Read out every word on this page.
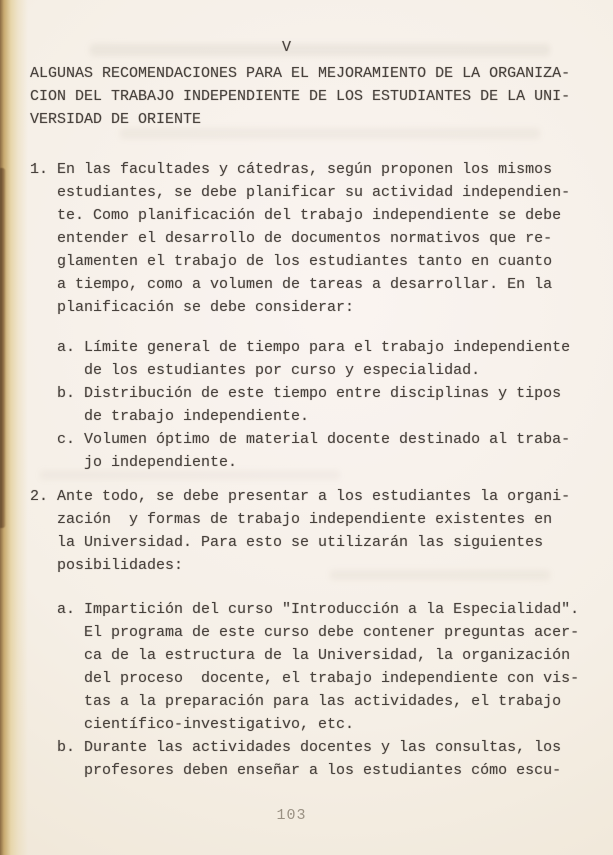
V
ALGUNAS RECOMENDACIONES PARA EL MEJORAMIENTO DE LA ORGANIZA-
CION DEL TRABAJO INDEPENDIENTE DE LOS ESTUDIANTES DE LA UNI-
VERSIDAD DE ORIENTE
1. En las facultades y cátedras, según proponen los mismos
estudiantes, se debe planificar su actividad independien-
te. Como planificación del trabajo independiente se debe
entender el desarrollo de documentos normativos que re-
glamenten el trabajo de los estudiantes tanto en cuanto
a tiempo, como a volumen de tareas a desarrollar. En la
planificación se debe considerar:
a. Límite general de tiempo para el trabajo independiente
de los estudiantes por curso y especialidad.
b. Distribución de este tiempo entre disciplinas y tipos
de trabajo independiente.
c. Volumen óptimo de material docente destinado al traba-
jo independiente.
2. Ante todo, se debe presentar a los estudiantes la organi-
zación  y formas de trabajo independiente existentes en
la Universidad. Para esto se utilizarán las siguientes
posibilidades:
a. Impartición del curso "Introducción a la Especialidad".
El programa de este curso debe contener preguntas acer-
ca de la estructura de la Universidad, la organización
del proceso  docente, el trabajo independiente con vis-
tas a la preparación para las actividades, el trabajo
científico-investigativo, etc.
b. Durante las actividades docentes y las consultas, los
profesores deben enseñar a los estudiantes cómo escu-
103
